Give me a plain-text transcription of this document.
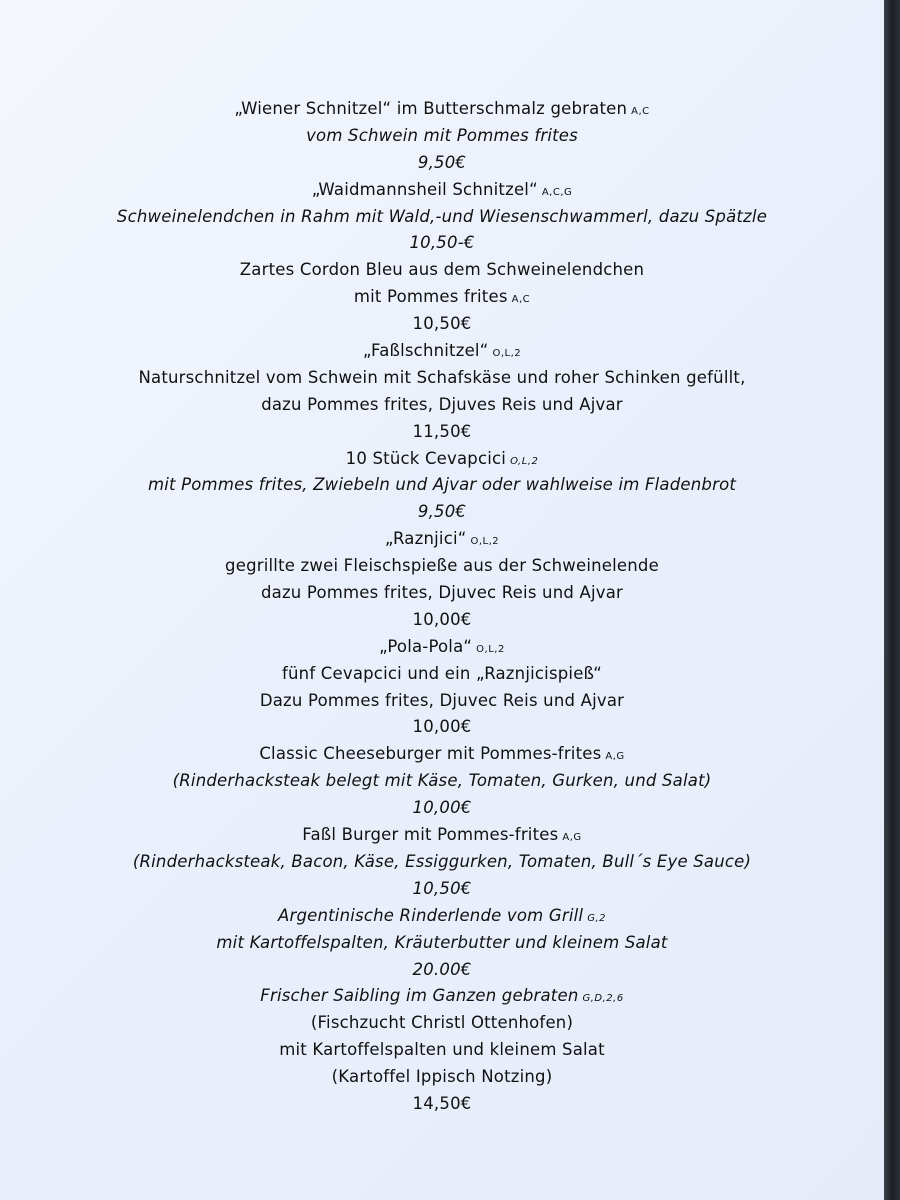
„Wiener Schnitzel“ im Butterschmalz gebraten A,C
vom Schwein mit Pommes frites
9,50€
„Waidmannsheil Schnitzel“ A,C,G
Schweinelendchen in Rahm mit Wald,-und Wiesenschwammerl, dazu Spätzle
10,50-€
Zartes Cordon Bleu aus dem Schweinelendchen
mit Pommes frites A,C
10,50€
„Faßlschnitzel“ O,L,2
Naturschnitzel vom Schwein mit Schafskäse und roher Schinken gefüllt,
dazu Pommes frites, Djuves Reis und Ajvar
11,50€
10 Stück Cevapcici O,L,2
mit Pommes frites, Zwiebeln und Ajvar oder wahlweise im Fladenbrot
9,50€
„Raznjici“ O,L,2
gegrillte zwei Fleischspieße aus der Schweinelende
dazu Pommes frites, Djuvec Reis und Ajvar
10,00€
„Pola-Pola“ O,L,2
fünf Cevapcici und ein „Raznjicispieß“
Dazu Pommes frites, Djuvec Reis und Ajvar
10,00€
Classic Cheeseburger mit Pommes-frites A,G
(Rinderhacksteak belegt mit Käse, Tomaten, Gurken, und Salat)
10,00€
Faßl Burger mit Pommes-frites A,G
(Rinderhacksteak, Bacon, Käse, Essiggurken, Tomaten, Bull´s Eye Sauce)
10,50€
Argentinische Rinderlende vom Grill G,2
mit Kartoffelspalten, Kräuterbutter und kleinem Salat
20.00€
Frischer Saibling im Ganzen gebraten G,D,2,6
(Fischzucht Christl Ottenhofen)
mit Kartoffelspalten und kleinem Salat
(Kartoffel Ippisch Notzing)
14,50€
